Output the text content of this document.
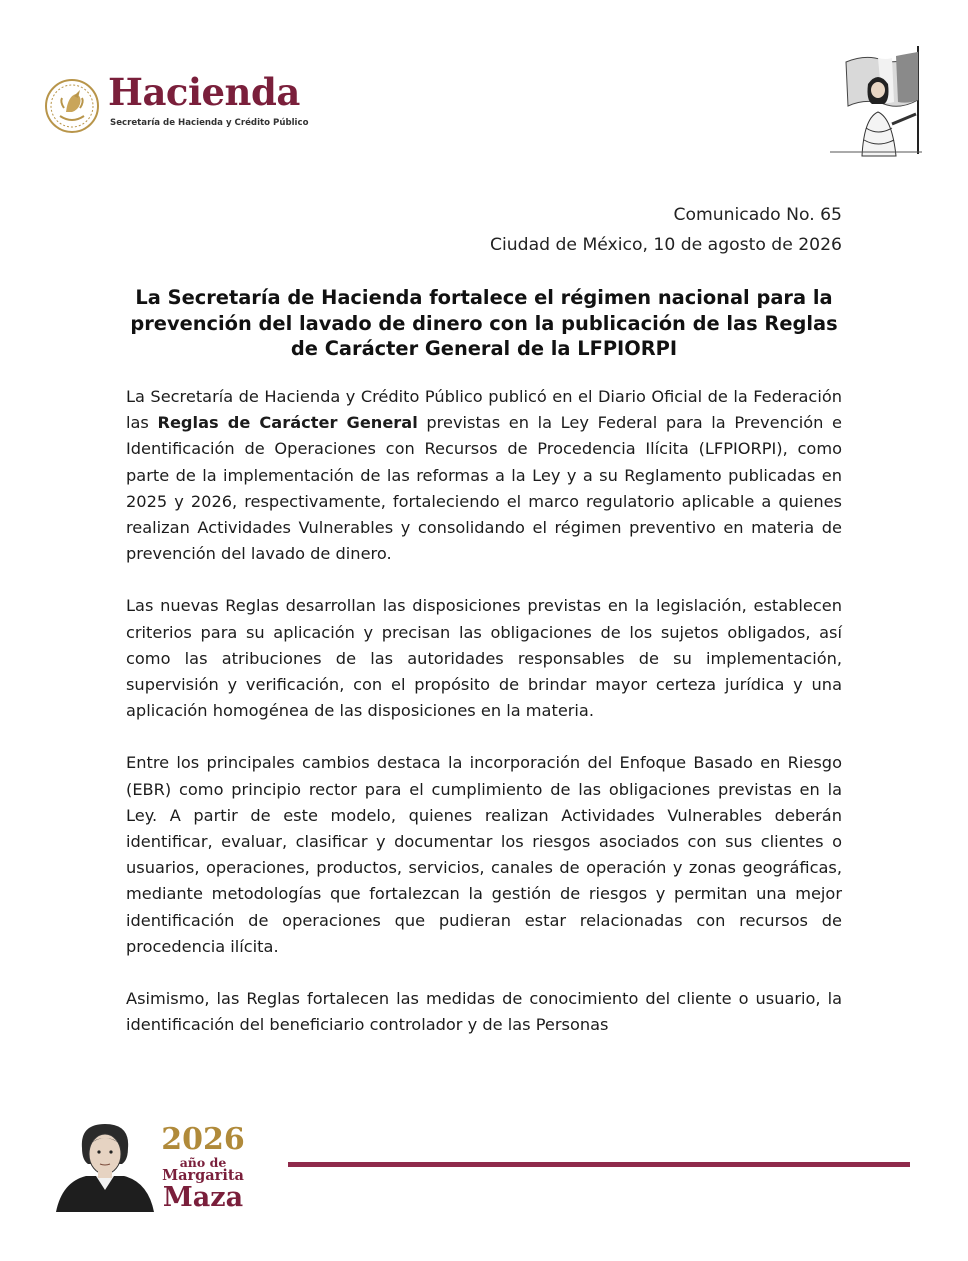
Hacienda
Secretaría de Hacienda y Crédito Público
Comunicado No. 65
Ciudad de México, 10 de agosto de 2026
La Secretaría de Hacienda fortalece el régimen nacional para la prevención del lavado de dinero con la publicación de las Reglas de Carácter General de la LFPIORPI

La Secretaría de Hacienda y Crédito Público publicó en el Diario Oficial de la Federación las Reglas de Carácter General previstas en la Ley Federal para la Prevención e Identificación de Operaciones con Recursos de Procedencia Ilícita (LFPIORPI), como parte de la implementación de las reformas a la Ley y a su Reglamento publicadas en 2025 y 2026, respectivamente, fortaleciendo el marco regulatorio aplicable a quienes realizan Actividades Vulnerables y consolidando el régimen preventivo en materia de prevención del lavado de dinero.

Las nuevas Reglas desarrollan las disposiciones previstas en la legislación, establecen criterios para su aplicación y precisan las obligaciones de los sujetos obligados, así como las atribuciones de las autoridades responsables de su implementación, supervisión y verificación, con el propósito de brindar mayor certeza jurídica y una aplicación homogénea de las disposiciones en la materia.

Entre los principales cambios destaca la incorporación del Enfoque Basado en Riesgo (EBR) como principio rector para el cumplimiento de las obligaciones previstas en la Ley. A partir de este modelo, quienes realizan Actividades Vulnerables deberán identificar, evaluar, clasificar y documentar los riesgos asociados con sus clientes o usuarios, operaciones, productos, servicios, canales de operación y zonas geográficas, mediante metodologías que fortalezcan la gestión de riesgos y permitan una mejor identificación de operaciones que pudieran estar relacionadas con recursos de procedencia ilícita.

Asimismo, las Reglas fortalecen las medidas de conocimiento del cliente o usuario, la identificación del beneficiario controlador y de las Personas

2026
año de
Margarita
Maza
